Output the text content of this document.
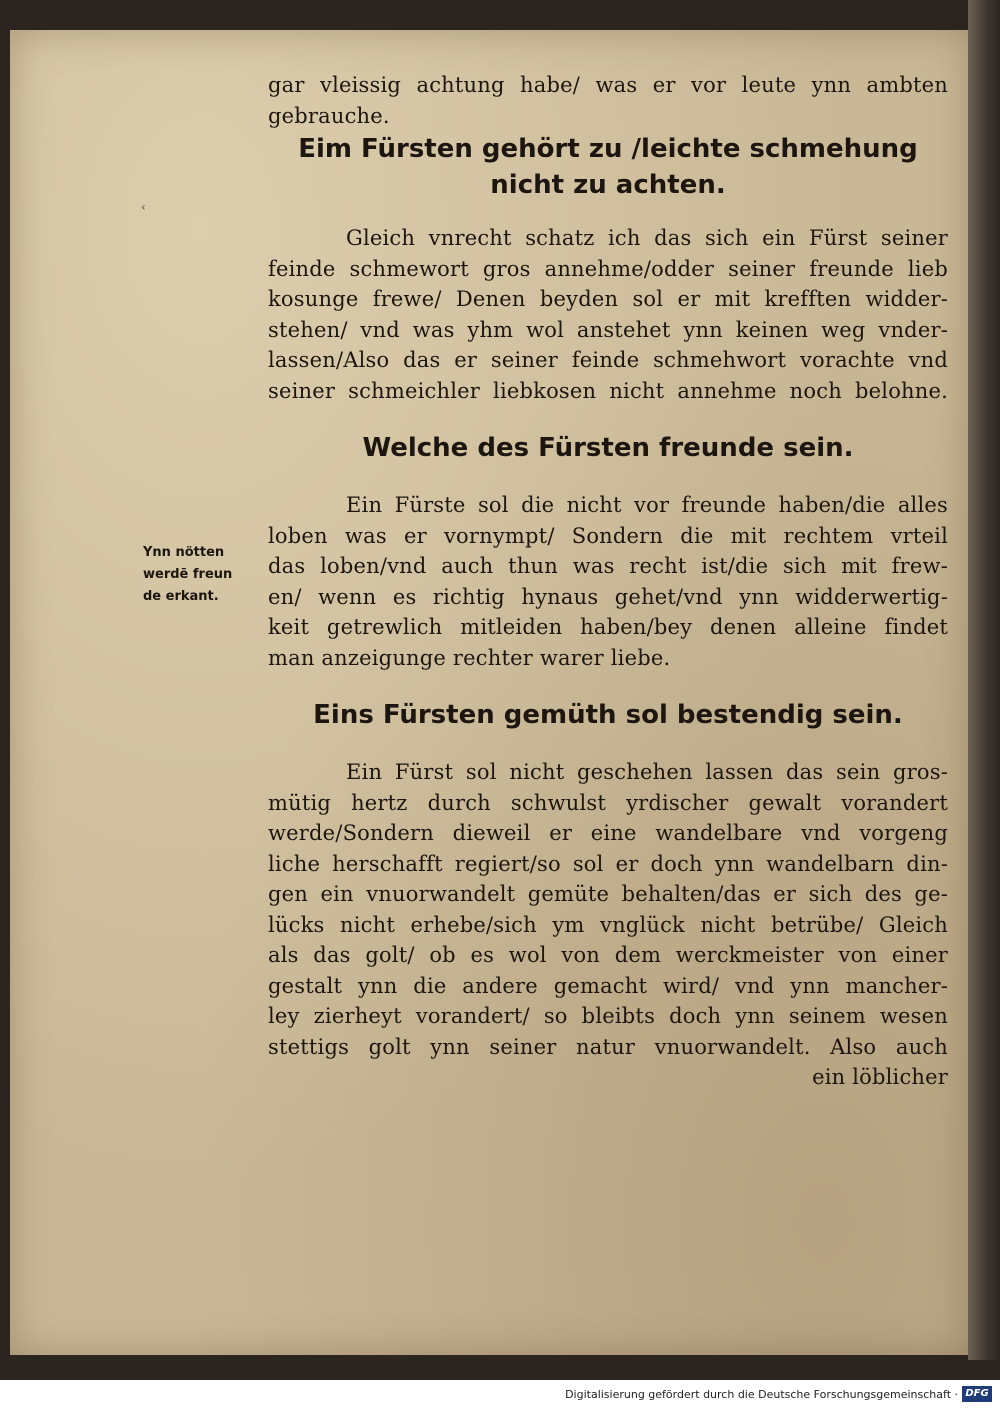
‹
gar vleissig achtung habe/ was er vor leute ynn ambten
gebrauche.
Eim Fürsten gehört zu /leichte schmehung
nicht zu achten.
Gleich vnrecht schatz ich das sich ein Fürst seiner
feinde schmewort gros annehme/odder seiner freunde lieb
kosunge frewe/ Denen beyden sol er mit krefften widder-
stehen/ vnd was yhm wol anstehet ynn keinen weg vnder-
lassen/Also das er seiner feinde schmehwort vorachte vnd
seiner schmeichler liebkosen nicht annehme noch belohne.
Welche des Fürsten freunde sein.
Ein Fürste sol die nicht vor freunde haben/die alles
loben was er vornympt/ Sondern die mit rechtem vrteil
das loben/vnd auch thun was recht ist/die sich mit frew-
en/ wenn es richtig hynaus gehet/vnd ynn widderwertig-
keit getrewlich mitleiden haben/bey denen alleine findet
man anzeigunge rechter warer liebe.
Eins Fürsten gemüth sol bestendig sein.
Ein Fürst sol nicht geschehen lassen das sein gros-
mütig hertz durch schwulst yrdischer gewalt vorandert
werde/Sondern dieweil er eine wandelbare vnd vorgeng
liche herschafft regiert/so sol er doch ynn wandelbarn din-
gen ein vnuorwandelt gemüte behalten/das er sich des ge-
lücks nicht erhebe/sich ym vnglück nicht betrübe/ Gleich
als das golt/ ob es wol von dem werckmeister von einer
gestalt ynn die andere gemacht wird/ vnd ynn mancher-
ley zierheyt vorandert/ so bleibts doch ynn seinem wesen
stettigs golt ynn seiner natur vnuorwandelt. Also auch
ein löblicher
Ynn nötten
werdē freun
de erkant.
Digitalisierung gefördert durch die Deutsche Forschungsgemeinschaft · DFG
